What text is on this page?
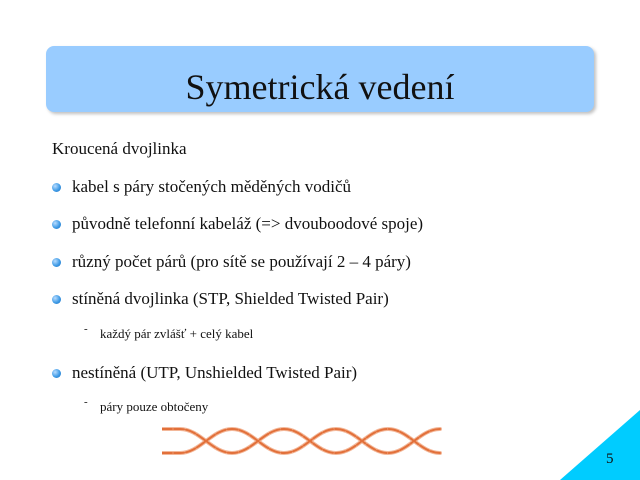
Symetrická vedení
Kroucená dvojlinka
kabel s páry stočených měděných vodičů
původně telefonní kabeláž (=> dvouboodové spoje)
různý počet párů (pro sítě se používají 2 – 4 páry)
stíněná dvojlinka (STP, Shielded Twisted Pair)
- každý pár zvlášť + celý kabel
nestíněná (UTP, Unshielded Twisted Pair)
- páry pouze obtočeny
5
